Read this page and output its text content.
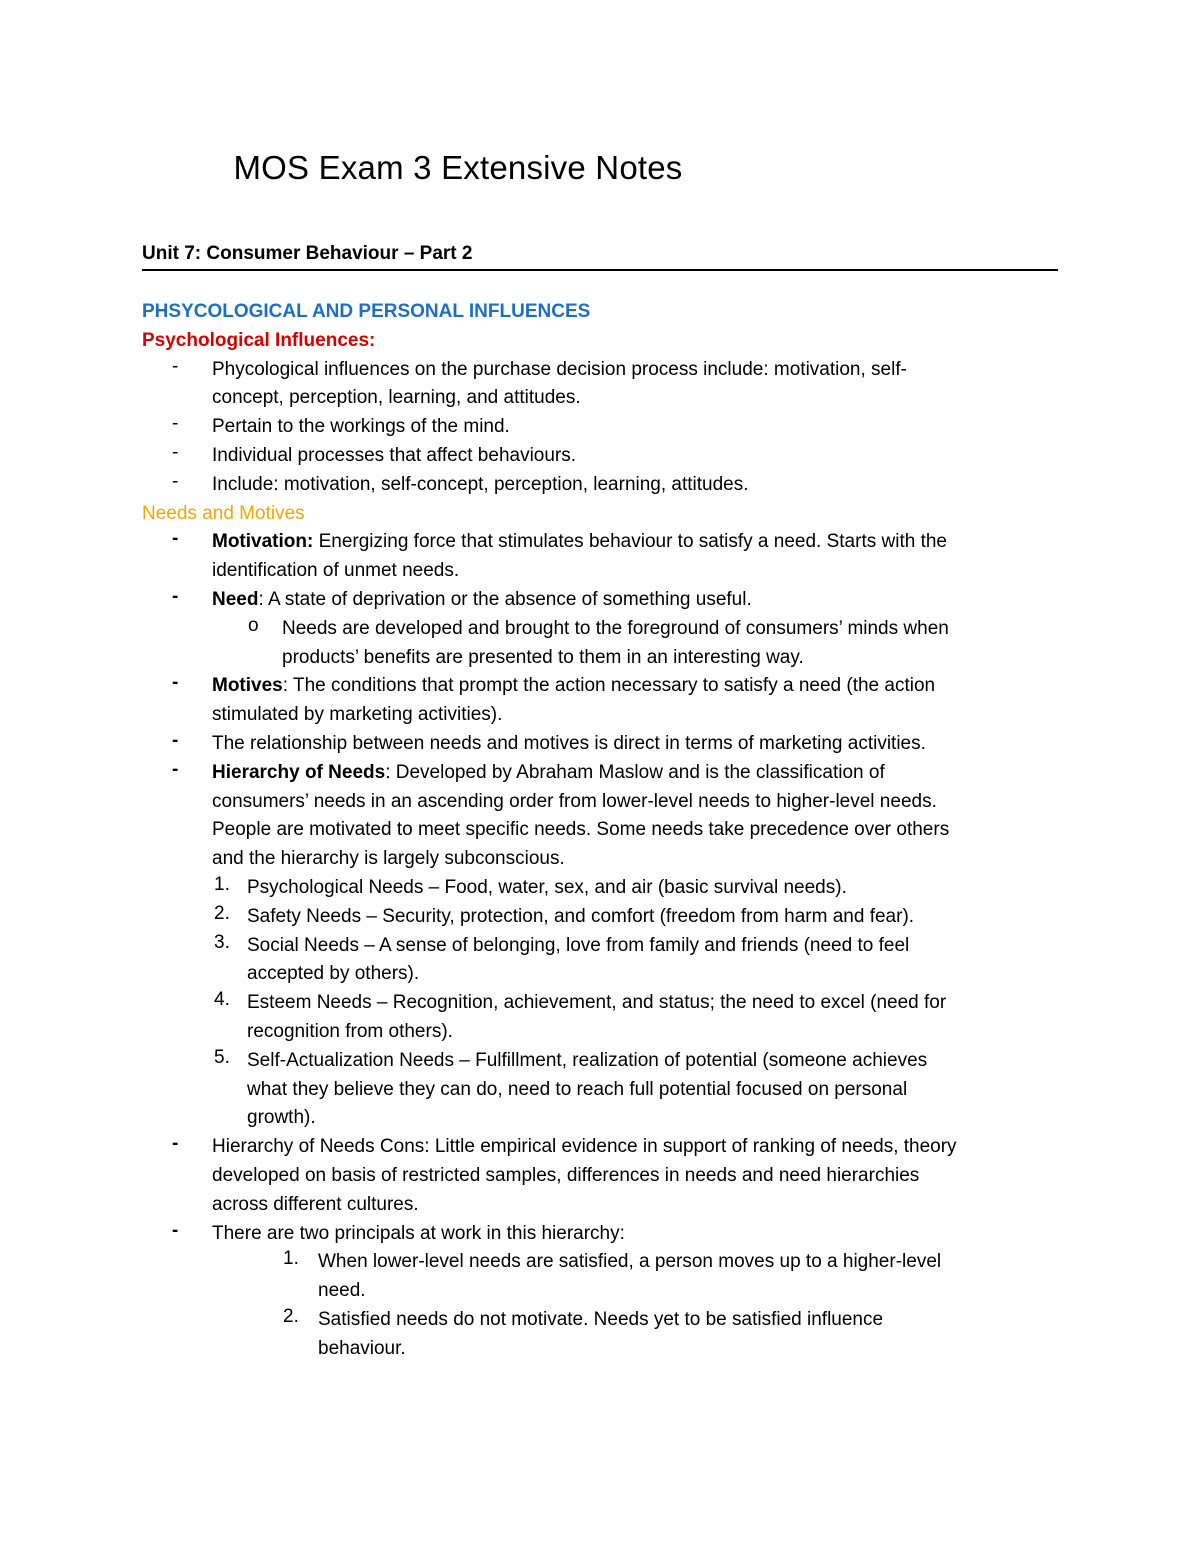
MOS Exam 3 Extensive Notes
Unit 7: Consumer Behaviour – Part 2
PHSYCOLOGICAL AND PERSONAL INFLUENCES
Psychological Influences:
- Phycological influences on the purchase decision process include: motivation, self-
concept, perception, learning, and attitudes.
- Pertain to the workings of the mind.
- Individual processes that affect behaviours.
- Include: motivation, self-concept, perception, learning, attitudes.
Needs and Motives
- Motivation: Energizing force that stimulates behaviour to satisfy a need. Starts with the
identification of unmet needs.
- Need: A state of deprivation or the absence of something useful.
o Needs are developed and brought to the foreground of consumers’ minds when
products’ benefits are presented to them in an interesting way.
- Motives: The conditions that prompt the action necessary to satisfy a need (the action
stimulated by marketing activities).
- The relationship between needs and motives is direct in terms of marketing activities.
- Hierarchy of Needs: Developed by Abraham Maslow and is the classification of
consumers’ needs in an ascending order from lower-level needs to higher-level needs.
People are motivated to meet specific needs. Some needs take precedence over others
and the hierarchy is largely subconscious.
1. Psychological Needs – Food, water, sex, and air (basic survival needs).
2. Safety Needs – Security, protection, and comfort (freedom from harm and fear).
3. Social Needs – A sense of belonging, love from family and friends (need to feel
accepted by others).
4. Esteem Needs – Recognition, achievement, and status; the need to excel (need for
recognition from others).
5. Self-Actualization Needs – Fulfillment, realization of potential (someone achieves
what they believe they can do, need to reach full potential focused on personal
growth).
- Hierarchy of Needs Cons: Little empirical evidence in support of ranking of needs, theory
developed on basis of restricted samples, differences in needs and need hierarchies
across different cultures.
- There are two principals at work in this hierarchy:
1. When lower-level needs are satisfied, a person moves up to a higher-level
need.
2. Satisfied needs do not motivate. Needs yet to be satisfied influence
behaviour.
